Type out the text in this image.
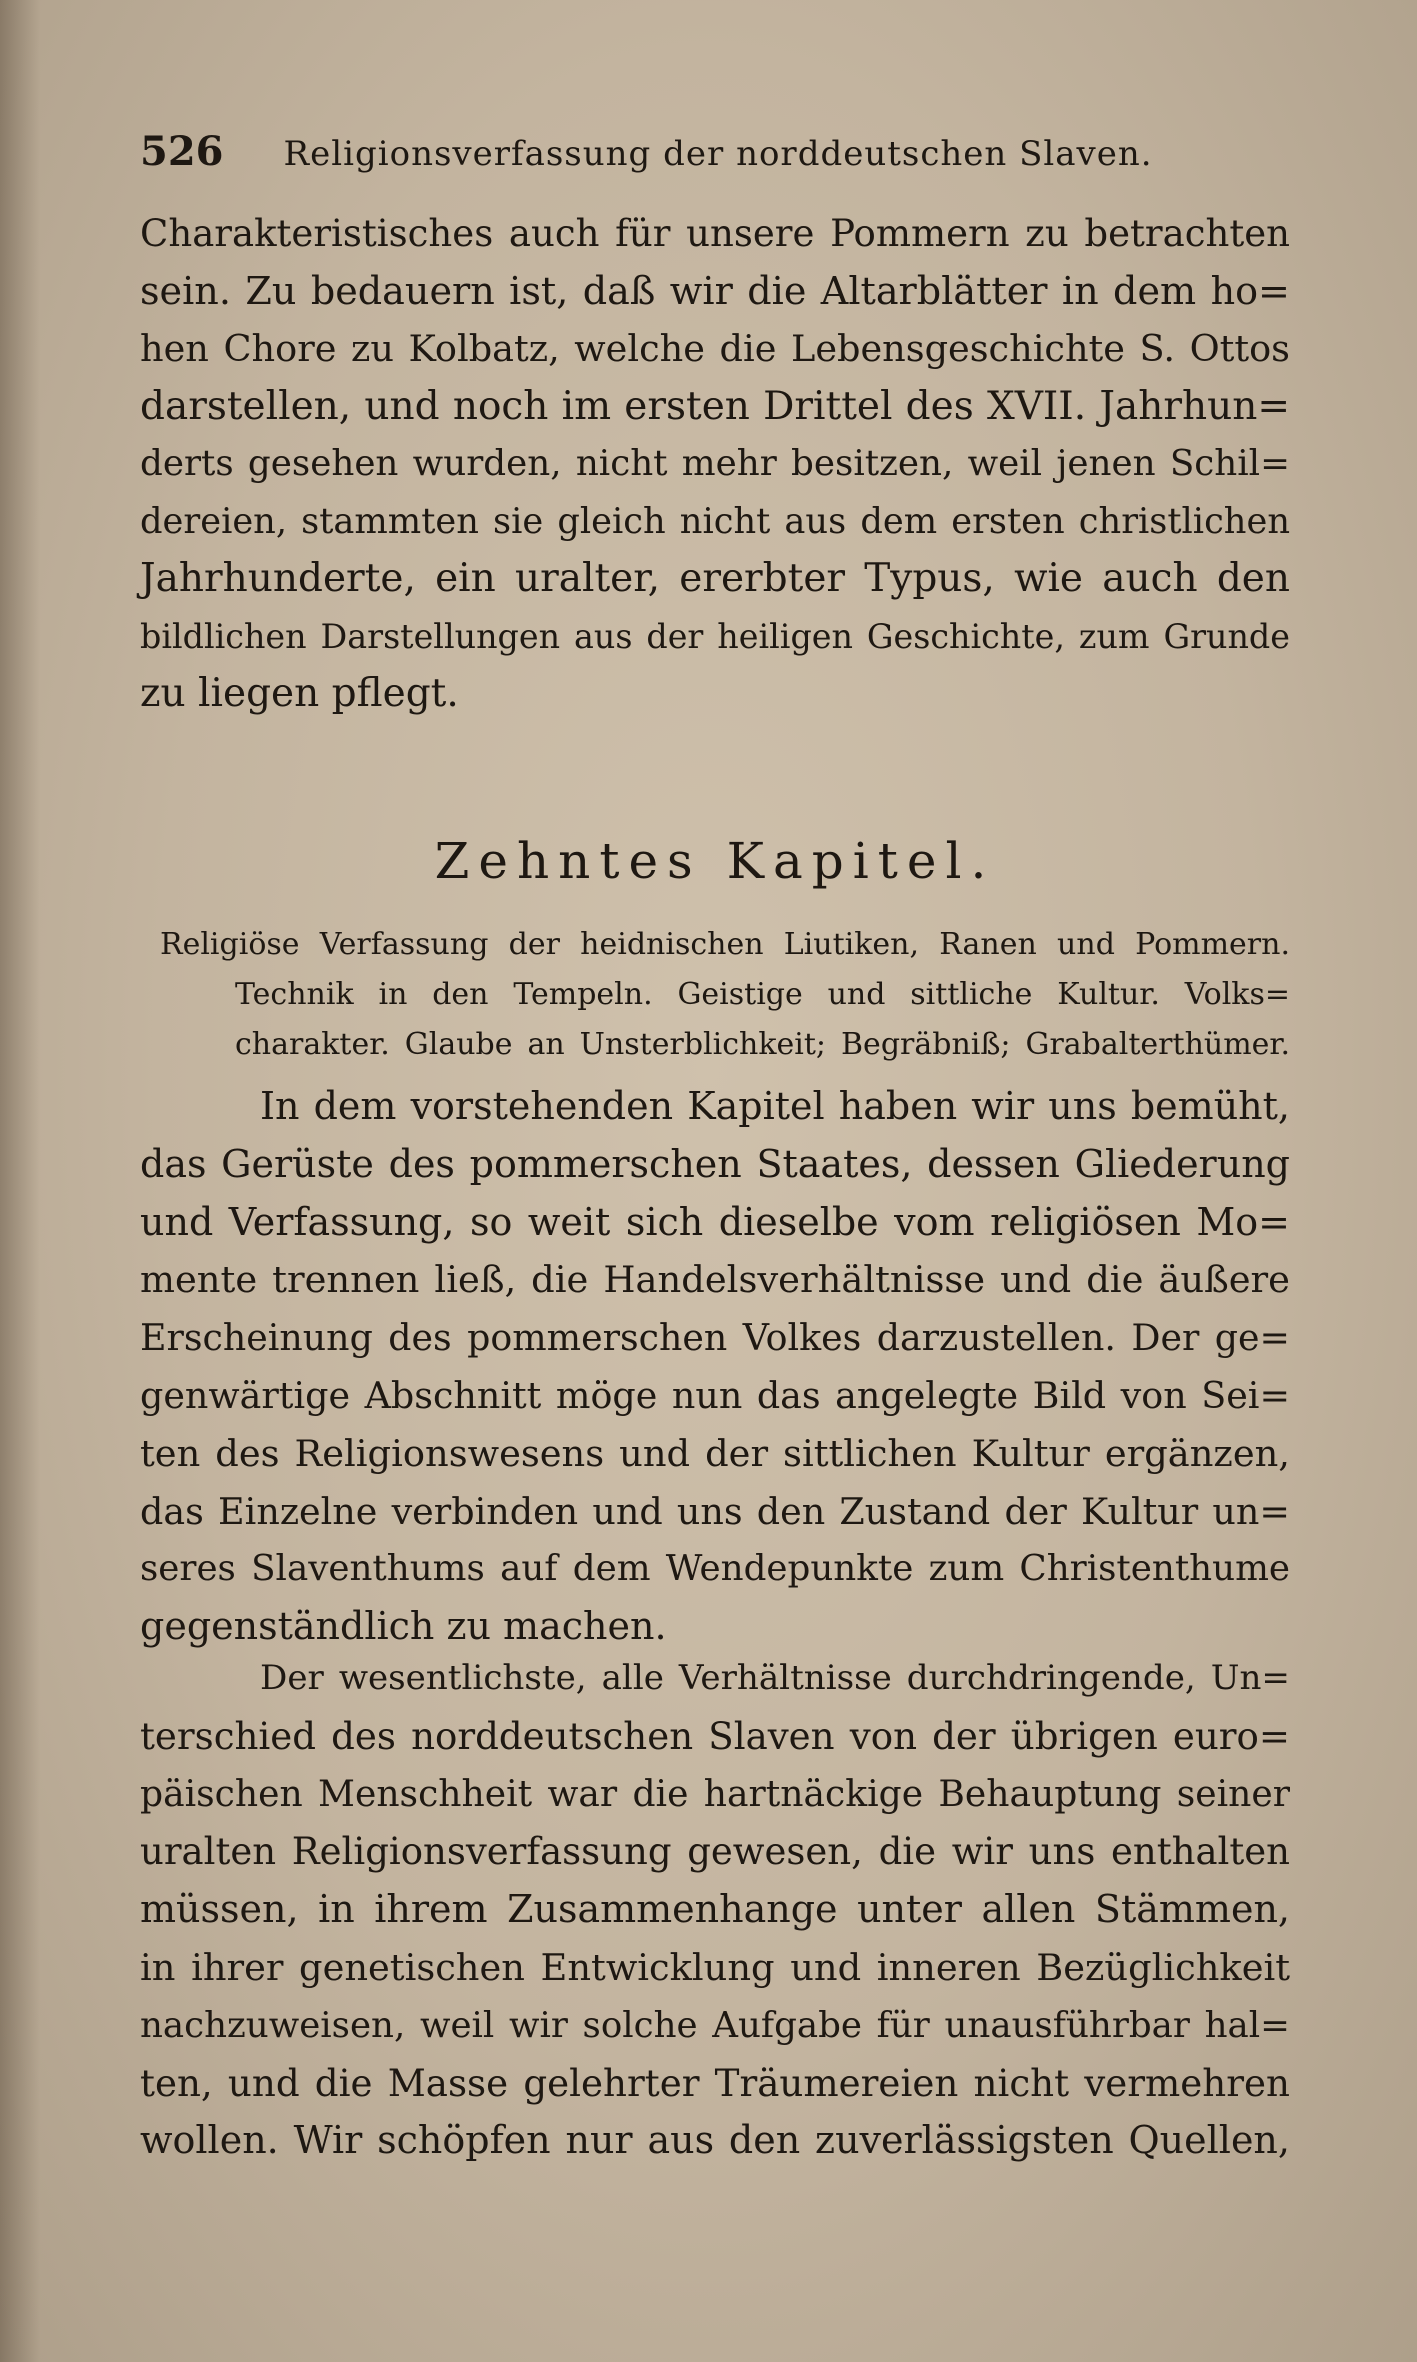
526 Religionsverfassung der norddeutschen Slaven.
Charakteristisches auch für unsere Pommern zu betrachten
sein. Zu bedauern ist, daß wir die Altarblätter in dem ho=
hen Chore zu Kolbatz, welche die Lebensgeschichte S. Ottos
darstellen, und noch im ersten Drittel des XVII. Jahrhun=
derts gesehen wurden, nicht mehr besitzen, weil jenen Schil=
dereien, stammten sie gleich nicht aus dem ersten christlichen
Jahrhunderte, ein uralter, ererbter Typus, wie auch den
bildlichen Darstellungen aus der heiligen Geschichte, zum Grunde
zu liegen pflegt.
Zehntes Kapitel.
Religiöse Verfassung der heidnischen Liutiken, Ranen und Pommern.
Technik in den Tempeln. Geistige und sittliche Kultur. Volks=
charakter. Glaube an Unsterblichkeit; Begräbniß; Grabalterthümer.
In dem vorstehenden Kapitel haben wir uns bemüht,
das Gerüste des pommerschen Staates, dessen Gliederung
und Verfassung, so weit sich dieselbe vom religiösen Mo=
mente trennen ließ, die Handelsverhältnisse und die äußere
Erscheinung des pommerschen Volkes darzustellen. Der ge=
genwärtige Abschnitt möge nun das angelegte Bild von Sei=
ten des Religionswesens und der sittlichen Kultur ergänzen,
das Einzelne verbinden und uns den Zustand der Kultur un=
seres Slaventhums auf dem Wendepunkte zum Christenthume
gegenständlich zu machen.
Der wesentlichste, alle Verhältnisse durchdringende, Un=
terschied des norddeutschen Slaven von der übrigen euro=
päischen Menschheit war die hartnäckige Behauptung seiner
uralten Religionsverfassung gewesen, die wir uns enthalten
müssen, in ihrem Zusammenhange unter allen Stämmen,
in ihrer genetischen Entwicklung und inneren Bezüglichkeit
nachzuweisen, weil wir solche Aufgabe für unausführbar hal=
ten, und die Masse gelehrter Träumereien nicht vermehren
wollen. Wir schöpfen nur aus den zuverlässigsten Quellen,
